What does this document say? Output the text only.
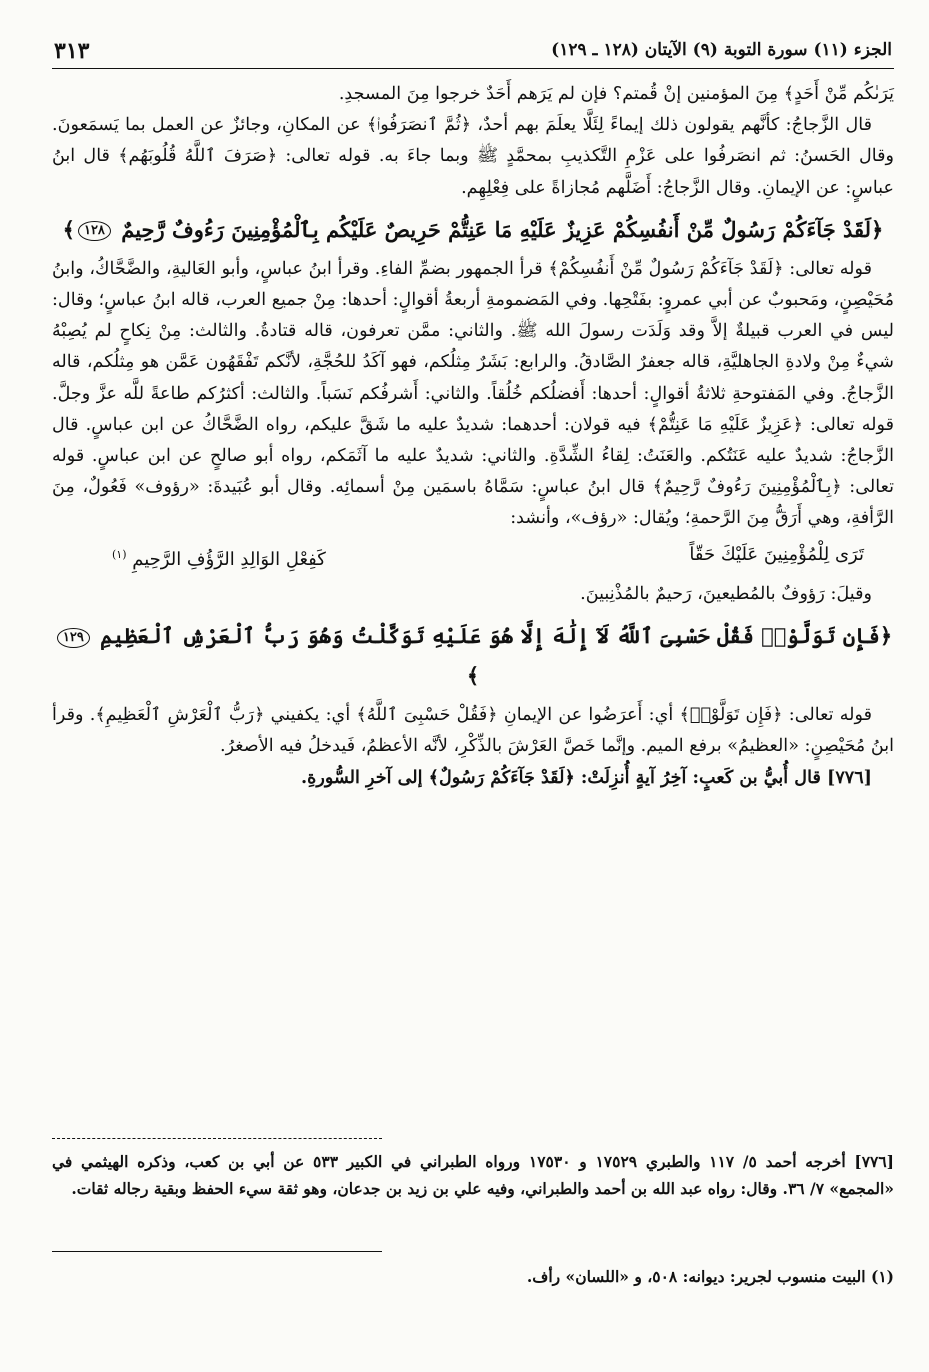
الجزء (١١) سورة التوبة (٩) الآيتان (١٢٨ ـ ١٢٩)
٣١٣

يَرَىٰكُم مِّنْ أَحَدٍ﴾ مِنَ المؤمنين إنْ قُمتم؟ فإن لم يَرَهم أَحَدٌ خرجوا مِنَ المسجدِ.

قال الزَّجاجُ: كأنَّهم يقولون ذلك إيماءً لِئَلَّا يعلَمَ بهم أحدٌ، ﴿ثُمَّ ٱنصَرَفُوا۟﴾ عن المكانِ، وجائزٌ عن العمل بما يَسمَعونَ. وقال الحَسنُ: ثم انصَرفُوا على عَزْمِ التَّكذيبِ بمحمَّدٍ ﷺ وبما جاءَ به. قوله تعالى: ﴿صَرَفَ ٱللَّهُ قُلُوبَهُم﴾ قال ابنُ عباسٍ: عن الإيمانِ. وقال الزَّجاجُ: أَضَلَّهم مُجازاةً على فِعْلِهِم.

﴿لَقَدْ جَآءَكُمْ رَسُولٌ مِّنْ أَنفُسِكُمْ عَزِيزٌ عَلَيْهِ مَا عَنِتُّمْ حَرِيصٌ عَلَيْكُم بِٱلْمُؤْمِنِينَ رَءُوفٌ رَّحِيمٌ ١٢٨﴾

قوله تعالى: ﴿لَقَدْ جَآءَكُمْ رَسُولٌ مِّنْ أَنفُسِكُمْ﴾ قرأ الجمهور بضمِّ الفاءِ. وقرأ ابنُ عباسٍ، وأبو العَاليةِ، والضَّحَّاكُ، وابنُ مُحَيْصِنٍ، ومَحبوبٌ عن أبي عمروٍ: بفَتْحِها. وفي المَضمومةِ أربعةُ أقوالٍ: أحدها: مِنْ جميع العرب، قاله ابنُ عباسٍ؛ وقال: ليس في العرب قبيلةٌ إلاَّ وقد وَلَدَت رسولَ الله ﷺ. والثاني: ممَّن تعرفون، قاله قتادةُ. والثالث: مِنْ نِكاحٍ لم يُصِبْهُ شيءٌ مِنْ ولادةِ الجاهليَّةِ، قاله جعفرٌ الصَّادقُ. والرابع: بَشَرٌ مِثلُكم، فهو آكَدُ للحُجَّةِ، لأنَّكم تَفْقَهُون عَمَّن هو مِثلُكم، قاله الزَّجاجُ. وفي المَفتوحةِ ثلاثةُ أقوالٍ: أحدها: أَفضلُكم خُلُقاً. والثاني: أَشرفُكم نَسَباً. والثالث: أكثرُكم طاعةً للَّه عزَّ وجلَّ. قوله تعالى: ﴿عَزِيزٌ عَلَيْهِ مَا عَنِتُّمْ﴾ فيه قولان: أحدهما: شديدٌ عليه ما شَقَّ عليكم، رواه الضَّحَّاكُ عن ابن عباسٍ. قال الزَّجاجُ: شديدٌ عليه عَنَتُكم. والعَنَتُ: لِقاءُ الشِّدَّةِ. والثاني: شديدٌ عليه ما آثَمَكم، رواه أبو صالحٍ عن ابن عباسٍ. قوله تعالى: ﴿بِٱلْمُؤْمِنِينَ رَءُوفٌ رَّحِيمٌ﴾ قال ابنُ عباسٍ: سَمَّاهُ باسمَين مِنْ أسمائِه. وقال أبو عُبَيدةَ: «رؤوف» فَعُولٌ، مِنَ الرَّأفةِ، وهي أَرَقُّ مِنَ الرَّحمةِ؛ ويُقال: «رؤف»، وأنشد:

تَرَى لِلْمُؤْمِنِينَ عَلَيْكَ حَقّاً
كَفِعْلِ الوَالِدِ الرَّؤُفِ الرَّحِيمِ $^{(١)}$

وقيلَ: رَؤوفٌ بالمُطيعينَ، رَحيمٌ بالمُذْنِبينَ.

﴿فَإِن تَوَلَّوْا۟ فَقُلْ حَسْبِىَ ٱللَّهُ لَآ إِلَٰهَ إِلَّا هُوَ عَلَيْهِ تَوَكَّلْتُ وَهُوَ رَبُّ ٱلْعَرْشِ ٱلْعَظِيمِ ١٢٩﴾

قوله تعالى: ﴿فَإِن تَوَلَّوْا۟﴾ أي: أَعرَضُوا عن الإيمانِ ﴿فَقُلْ حَسْبِىَ ٱللَّهُ﴾ أي: يكفيني ﴿رَبُّ ٱلْعَرْشِ ٱلْعَظِيمِ﴾. وقرأ ابنُ مُحَيْصِنٍ: «العظيمُ» برفع الميم. وإنَّما خَصَّ العَرْشَ بالذِّكْرِ، لأنَّه الأعظمُ، فَيدخلُ فيه الأصغرُ.

[٧٧٦] قال أُبيُّ بن كَعبٍ: آخِرُ آيةٍ أُنزِلَتْ: ﴿لَقَدْ جَآءَكُمْ رَسُولٌ﴾ إلى آخرِ السُّورةِ.

[٧٧٦] أخرجه أحمد ٥/ ١١٧ والطبري ١٧٥٢٩ و ١٧٥٣٠ ورواه الطبراني في الكبير ٥٣٣ عن أبي بن كعب، وذكره الهيثمي في «المجمع» ٧/ ٣٦. وقال: رواه عبد الله بن أحمد والطبراني، وفيه علي بن زيد بن جدعان، وهو ثقة سيء الحفظ وبقية رجاله ثقات.
(١) البيت منسوب لجرير: ديوانه: ٥٠٨، و «اللسان» رأف.
